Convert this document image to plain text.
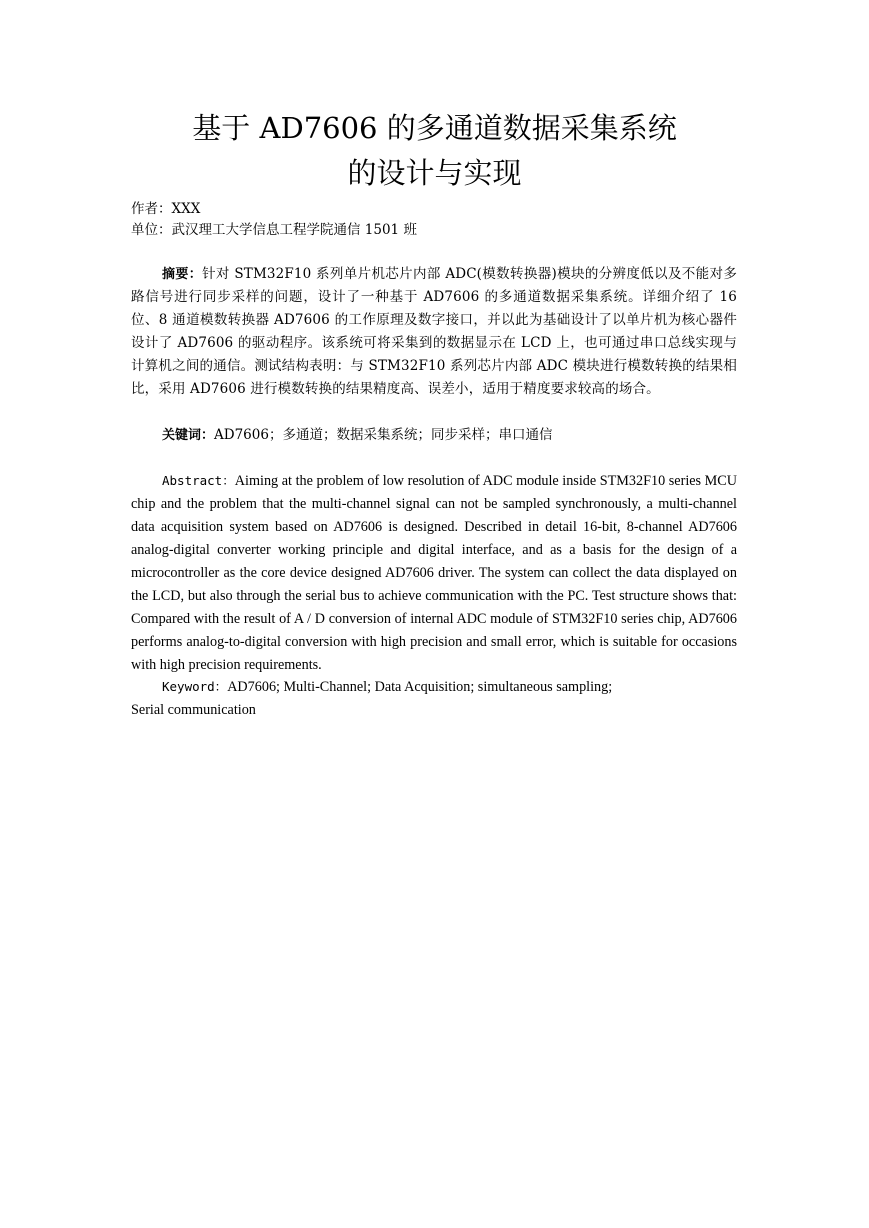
基于 AD7606 的多通道数据采集系统
的设计与实现
作者：XXX
单位：武汉理工大学信息工程学院通信 1501 班

摘要：针对 STM32F10 系列单片机芯片内部 ADC(模数转换器)模块的分辨度低以及不能对多路信号进行同步采样的问题，设计了一种基于 AD7606 的多通道数据采集系统。详细介绍了 16 位、8 通道模数转换器 AD7606 的工作原理及数字接口，并以此为基础设计了以单片机为核心器件设计了 AD7606 的驱动程序。该系统可将采集到的数据显示在 LCD 上，也可通过串口总线实现与计算机之间的通信。测试结构表明：与 STM32F10 系列芯片内部 ADC 模块进行模数转换的结果相比，采用 AD7606 进行模数转换的结果精度高、误差小，适用于精度要求较高的场合。

关键词：AD7606；多通道；数据采集系统；同步采样；串口通信

Abstract：Aiming at the problem of low resolution of ADC module inside STM32F10 series MCU chip and the problem that the multi-channel signal can not be sampled synchronously, a multi-channel data acquisition system based on AD7606 is designed. Described in detail 16-bit, 8-channel AD7606 analog-digital converter working principle and digital interface, and as a basis for the design of a microcontroller as the core device designed AD7606 driver. The system can collect the data displayed on the LCD, but also through the serial bus to achieve communication with the PC. Test structure shows that: Compared with the result of A / D conversion of internal ADC module of STM32F10 series chip, AD7606 performs analog-to-digital conversion with high precision and small error, which is suitable for occasions with high precision requirements.

Keyword：AD7606; Multi-Channel; Data Acquisition; simultaneous sampling;
Serial communication
